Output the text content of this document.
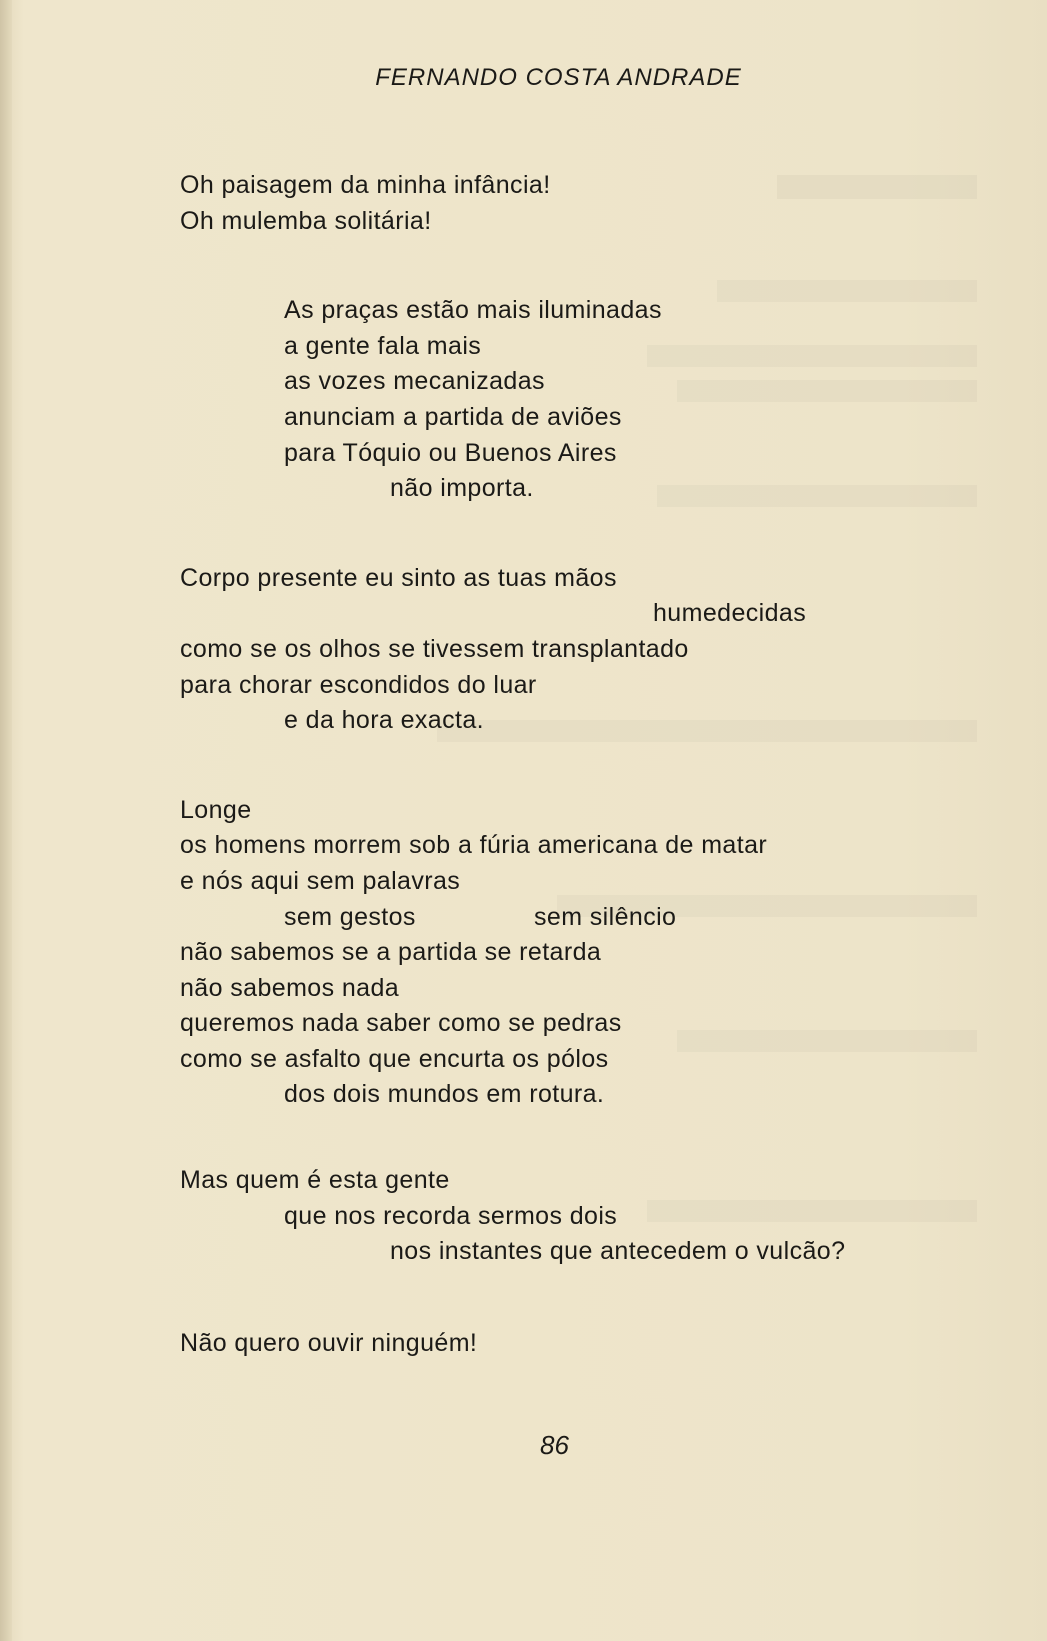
FERNANDO COSTA ANDRADE
Oh paisagem da minha infância!
Oh mulemba solitária!
As praças estão mais iluminadas
a gente fala mais
as vozes mecanizadas
anunciam a partida de aviões
para Tóquio ou Buenos Aires
não importa.
Corpo presente eu sinto as tuas mãos
humedecidas
como se os olhos se tivessem transplantado
para chorar escondidos do luar
e da hora exacta.
Longe
os homens morrem sob a fúria americana de matar
e nós aqui sem palavras
sem gestos	sem silêncio
não sabemos se a partida se retarda
não sabemos nada
queremos nada saber como se pedras
como se asfalto que encurta os pólos
dos dois mundos em rotura.
Mas quem é esta gente
que nos recorda sermos dois
nos instantes que antecedem o vulcão?
Não quero ouvir ninguém!
86
